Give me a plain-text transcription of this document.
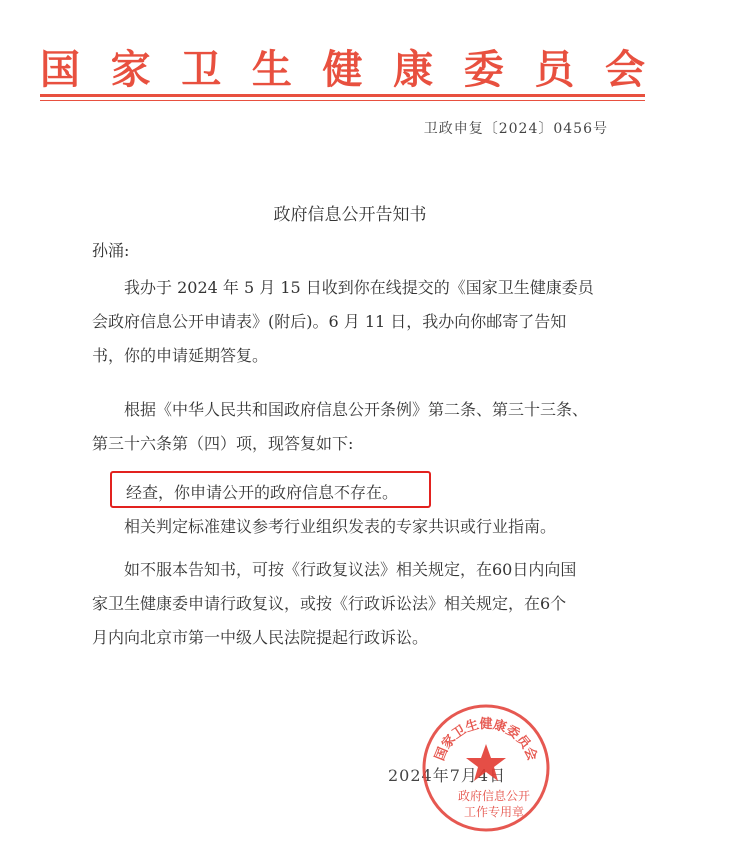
国 家 卫 生 健 康 委 员 会
卫政申复〔2024〕0456号
政府信息公开告知书
孙涌:
我办于 2024 年 5 月 15 日收到你在线提交的《国家卫生健康委员
会政府信息公开申请表》(附后)。6 月 11 日，我办向你邮寄了告知
书，你的申请延期答复。
根据《中华人民共和国政府信息公开条例》第二条、第三十三条、
第三十六条第（四）项，现答复如下:
经查，你申请公开的政府信息不存在。
相关判定标准建议参考行业组织发表的专家共识或行业指南。
如不服本告知书，可按《行政复议法》相关规定，在60日内向国
家卫生健康委申请行政复议，或按《行政诉讼法》相关规定，在6个
月内向北京市第一中级人民法院提起行政诉讼。
2024年7月4日
国家卫生健康委员会
政府信息公开
工作专用章
